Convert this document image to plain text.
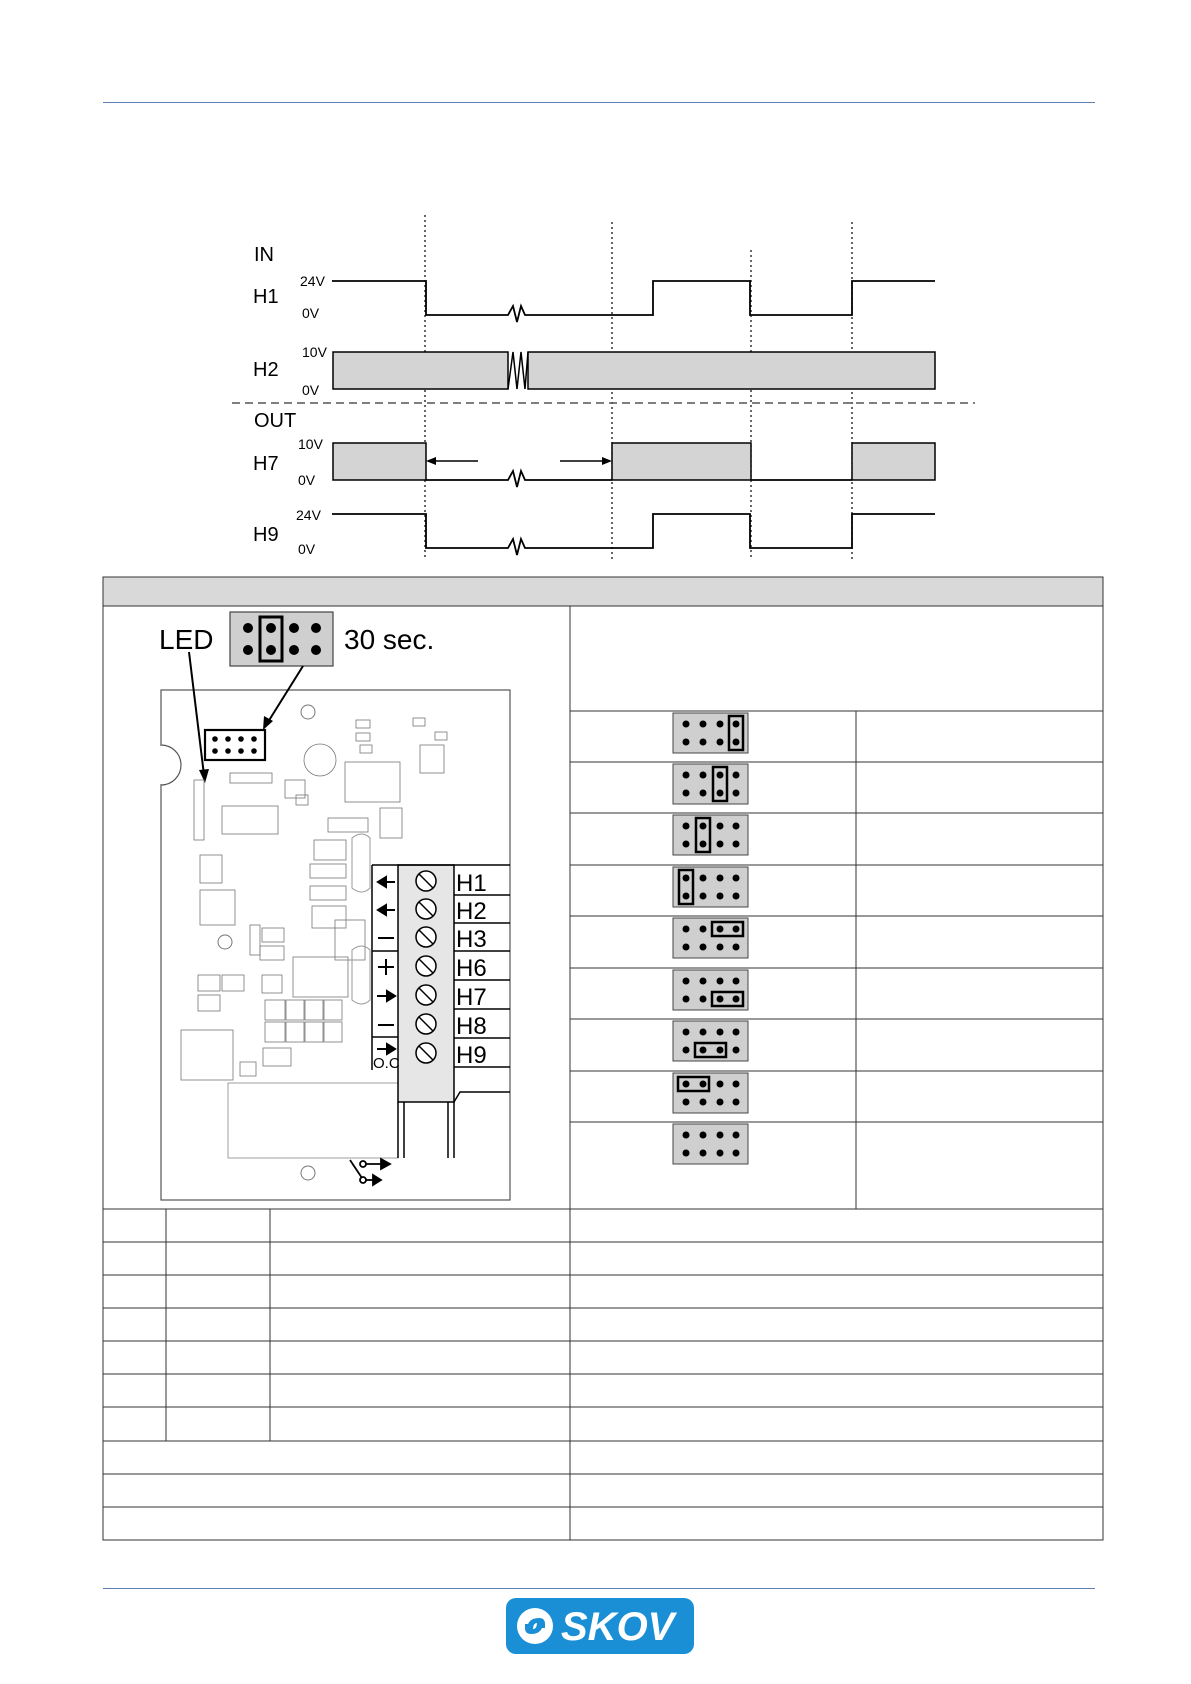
IN
OUT
H1
24V
0V
H2
10V
0V
H7
10V
0V
H9
24V
0V
LED	30 sec.
H1
H2
H3
H6
H7
H8
H9
O.C
SKOV
